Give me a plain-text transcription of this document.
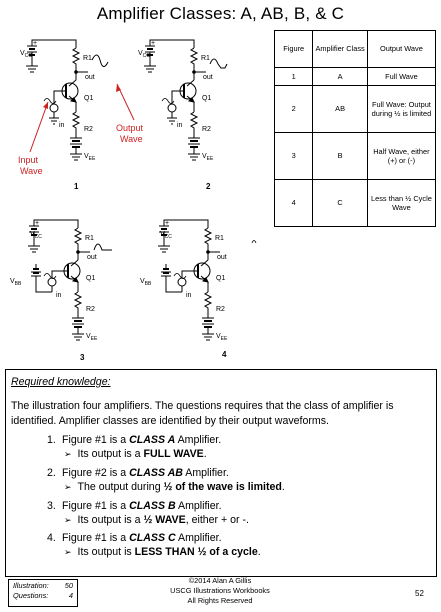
Amplifier Classes: A, AB, B, & C
$V_{CC}$
+
R1
out
Q1
R2
in
$V_{EE}$
1
Output
Wave
Input
Wave
$V_{CC}$
+
R1
out
Q1
R2
in
$V_{EE}$
2
$V_{CC}$
+
R1
out
Q1
R2
in
$V_{BB}$
$V_{EE}$
3
$V_{CC}$
+
R1
out
Q1
R2
in
$V_{BB}$
$V_{EE}$
4
Figure	Amplifier Class	Output Wave
1	A	Full Wave
2	AB	Full Wave: Output during ½ is limited
3	B	Half Wave, either (+) or (-)
4	C	Less than ½ Cycle Wave
Required knowledge:
The illustration four amplifiers. The questions requires that the class of amplifier is identified. Amplifier classes are identified by their output waveforms.
1. Figure #1 is a CLASS A Amplifier.
➢ Its output is a FULL WAVE.
2. Figure #2 is a CLASS AB Amplifier.
➢ The output during ½ of the wave is limited.
3. Figure #1 is a CLASS B Amplifier.
➢ Its output is a ½ WAVE, either + or -.
4. Figure #1 is a CLASS C Amplifier.
➢ Its output is LESS THAN ½ of a cycle.
Illustration: 50
Questions:	4
©2014 Alan A Gillis
USCG Illustrations Workbooks
All Rights Reserved
52
